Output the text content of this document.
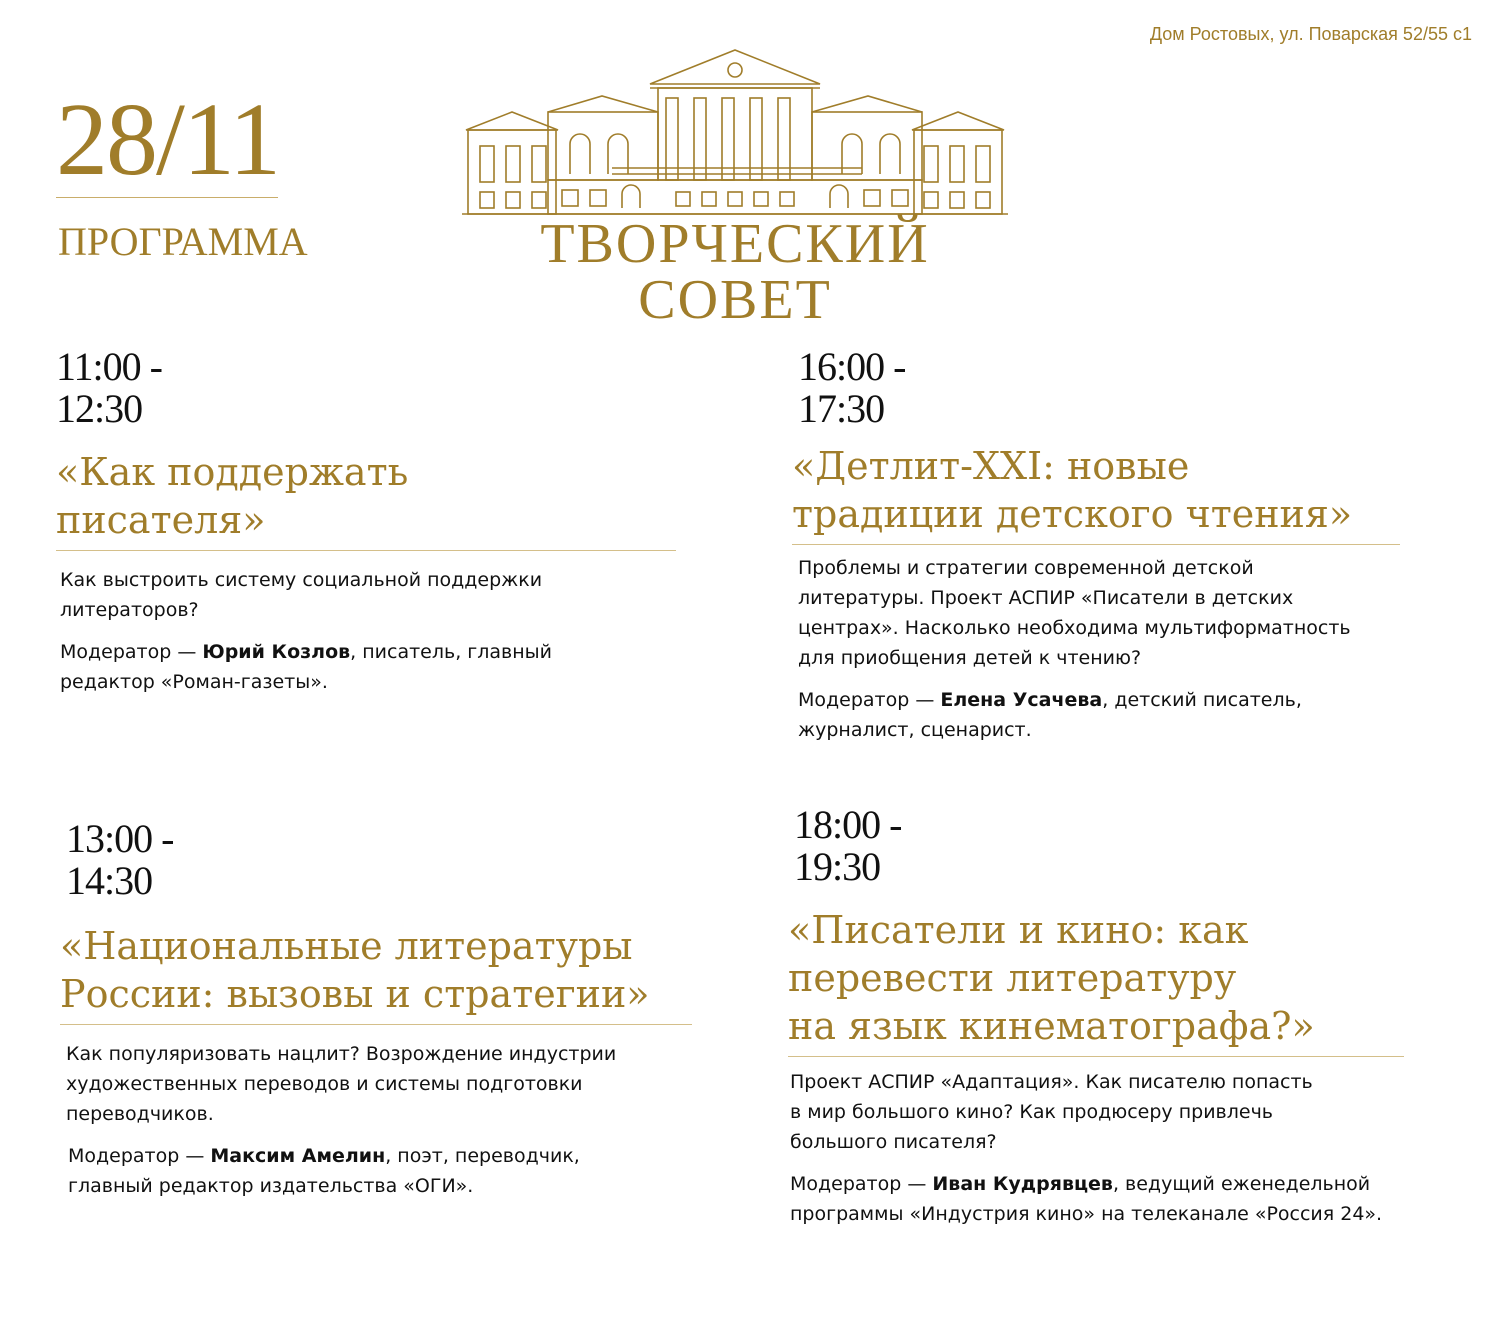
Дом Ростовых, ул. Поварская 52/55 с1
28/11
ПРОГРАММА	ТВОРЧЕСКИЙ СОВЕТ
11:00 -
12:30
«Как поддержать
писателя»
Как выстроить систему социальной поддержки
литераторов?
Модератор — Юрий Козлов, писатель, главный
редактор «Роман-газеты».
16:00 -
17:30
«Детлит-XXI: новые
традиции детского чтения»
Проблемы и стратегии современной детской
литературы. Проект АСПИР «Писатели в детских
центрах». Насколько необходима мультиформатность
для приобщения детей к чтению?
Модератор — Елена Усачева, детский писатель,
журналист, сценарист.
13:00 -
14:30
«Национальные литературы
России: вызовы и стратегии»
Как популяризовать нацлит? Возрождение индустрии
художественных переводов и системы подготовки
переводчиков.
Модератор — Максим Амелин, поэт, переводчик,
главный редактор издательства «ОГИ».
18:00 -
19:30
«Писатели и кино: как
перевести литературу
на язык кинематографа?»
Проект АСПИР «Адаптация». Как писателю попасть
в мир большого кино? Как продюсеру привлечь
большого писателя?
Модератор — Иван Кудрявцев, ведущий еженедельной
программы «Индустрия кино» на телеканале «Россия 24».
